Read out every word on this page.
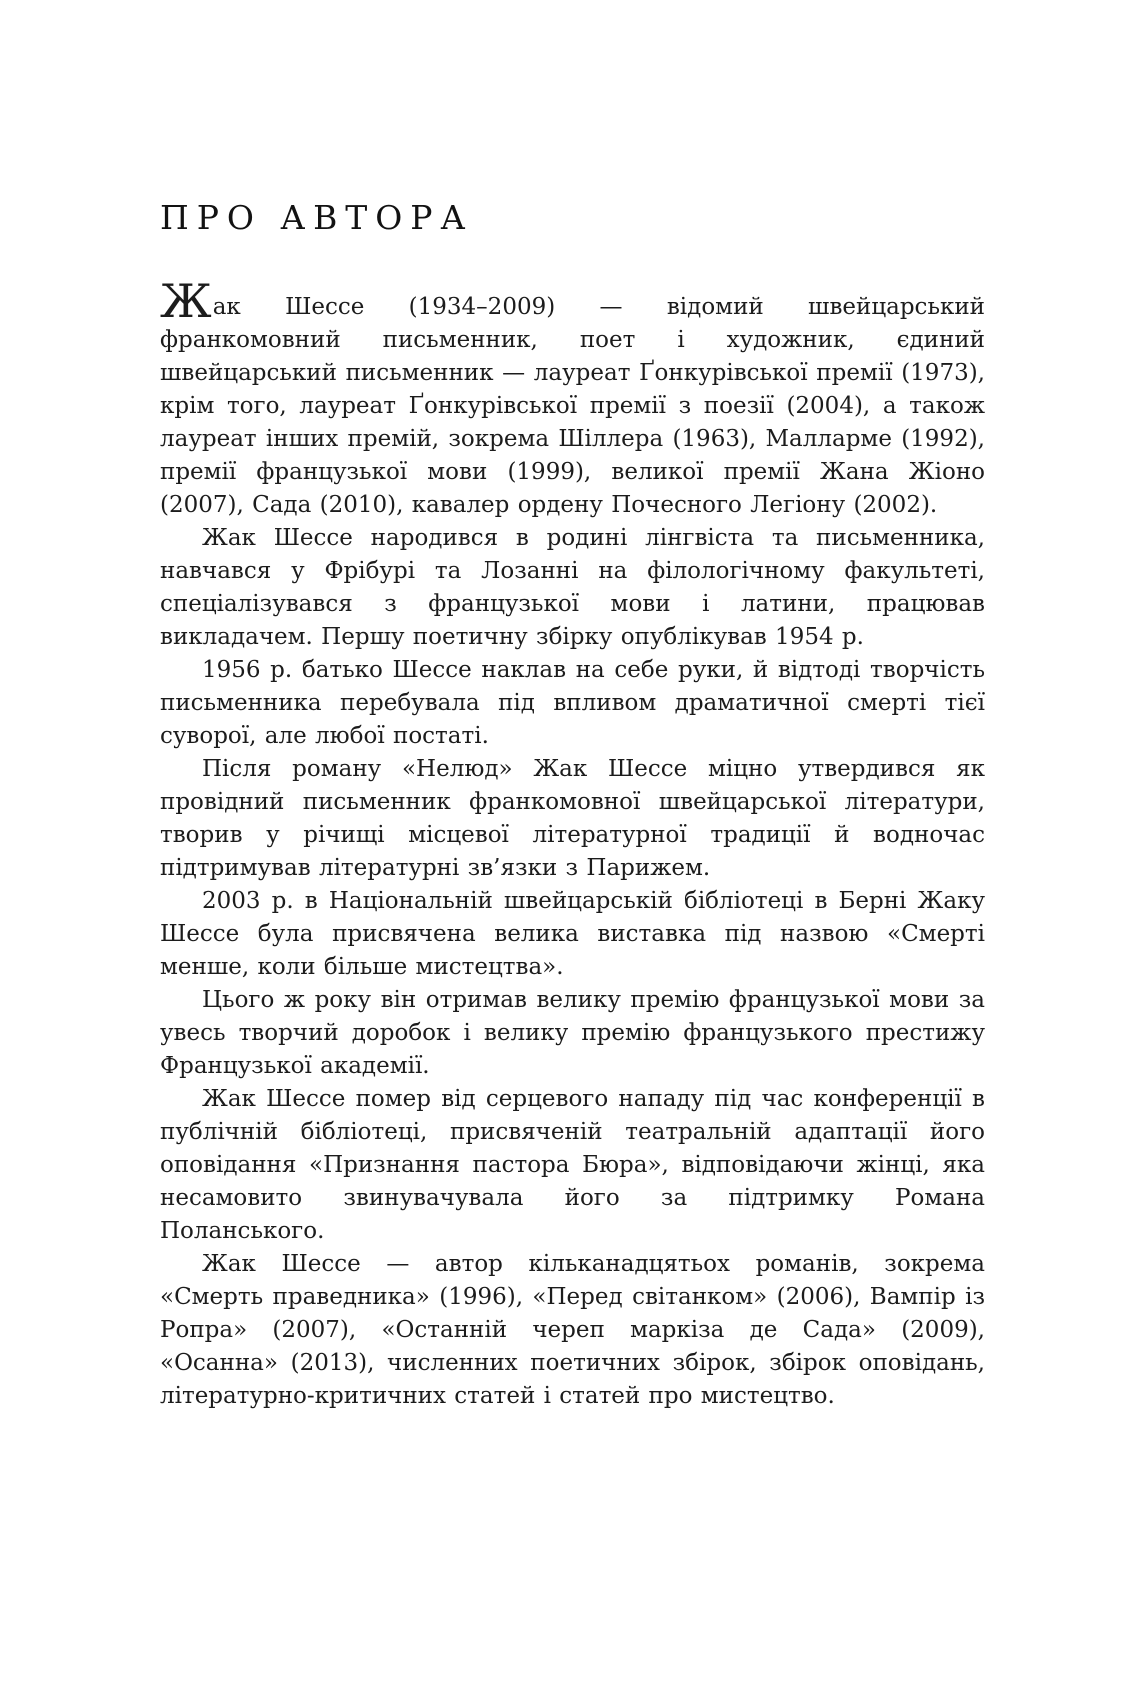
ПРО АВТОРА

Жак Шессе (1934–2009) — відомий швейцарський франкомовний письменник, поет і художник, єдиний швейцарський письменник — лауреат Ґонкурівської премії (1973), крім того, лауреат Ґонкурівської премії з поезії (2004), а також лауреат інших премій, зокрема Шіллера (1963), Малларме (1992), премії французької мови (1999), великої премії Жана Жіоно (2007), Сада (2010), кавалер ордену Почесного Легіону (2002).

Жак Шессе народився в родині лінгвіста та письменника, навчався у Фрібурі та Лозанні на філологічному факультеті, спеціалізувався з французької мови і латини, працював викладачем. Першу поетичну збірку опублікував 1954 р.

1956 р. батько Шессе наклав на себе руки, й відтоді творчість письменника перебувала під впливом драматичної смерті тієї суворої, але любої постаті.

Після роману «Нелюд» Жак Шессе міцно утвердився як провідний письменник франкомовної швейцарської літератури, творив у річищі місцевої літературної традиції й водночас підтримував літературні зв’язки з Парижем.

2003 р. в Національній швейцарській бібліотеці в Берні Жаку Шессе була присвячена велика виставка під назвою «Смерті менше, коли більше мистецтва».

Цього ж року він отримав велику премію французької мови за увесь творчий доробок і велику премію французького престижу Французької академії.

Жак Шессе помер від серцевого нападу під час конференції в публічній бібліотеці, присвяченій театральній адаптації його оповідання «Признання пастора Бюра», відповідаючи жінці, яка несамовито звинувачувала його за підтримку Романа Поланського.

Жак Шессе — автор кільканадцятьох романів, зокрема «Смерть праведника» (1996), «Перед світанком» (2006), Вампір із Ропра» (2007), «Останній череп маркіза де Сада» (2009), «Осанна» (2013), численних поетичних збірок, збірок оповідань, літературно-критичних статей і статей про мистецтво.
